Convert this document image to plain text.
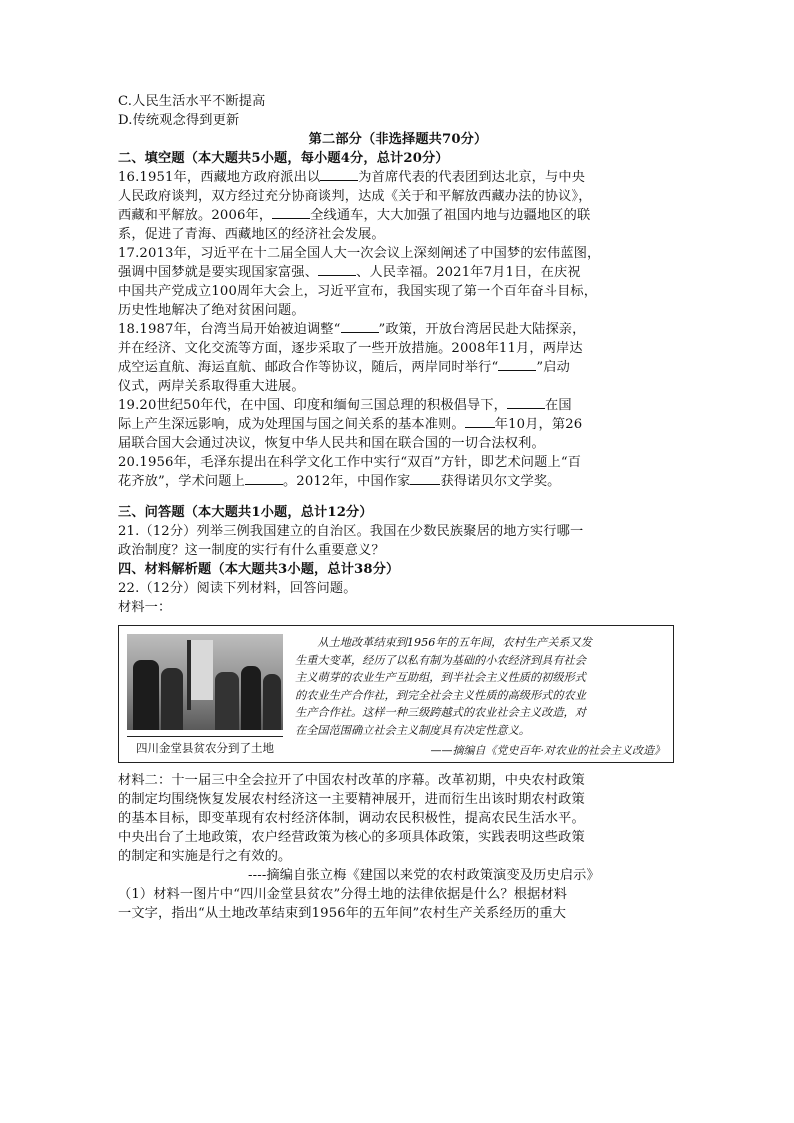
C.人民生活水平不断提高
D.传统观念得到更新
第二部分（非选择题共70分）
二、填空题（本大题共5小题，每小题4分，总计20分）
16.1951年，西藏地方政府派出以	为首席代表的代表团到达北京，与中央
人民政府谈判，双方经过充分协商谈判，达成《关于和平解放西藏办法的协议》，
西藏和平解放。2006年，	全线通车，大大加强了祖国内地与边疆地区的联
系，促进了青海、西藏地区的经济社会发展。
17.2013年，习近平在十二届全国人大一次会议上深刻阐述了中国梦的宏伟蓝图，
强调中国梦就是要实现国家富强、	、人民幸福。2021年7月1日，在庆祝
中国共产党成立100周年大会上，习近平宣布，我国实现了第一个百年奋斗目标，
历史性地解决了绝对贫困问题。
18.1987年，台湾当局开始被迫调整“	”政策，开放台湾居民赴大陆探亲，
并在经济、文化交流等方面，逐步采取了一些开放措施。2008年11月，两岸达
成空运直航、海运直航、邮政合作等协议，随后，两岸同时举行“	”启动
仪式，两岸关系取得重大进展。
19.20世纪50年代，在中国、印度和缅甸三国总理的积极倡导下，	在国
际上产生深远影响，成为处理国与国之间关系的基本准则。 年10月，第26
届联合国大会通过决议，恢复中华人民共和国在联合国的一切合法权利。
20.1956年，毛泽东提出在科学文化工作中实行“双百”方针，即艺术问题上“百
花齐放”，学术问题上	。2012年，中国作家 获得诺贝尔文学奖。
三、问答题（本大题共1小题，总计12分）
21.（12分）列举三例我国建立的自治区。我国在少数民族聚居的地方实行哪一
政治制度？这一制度的实行有什么重要意义？
四、材料解析题（本大题共3小题，总计38分）
22.（12分）阅读下列材料，回答问题。
材料一：
四川金堂县贫农分到了土地

从土地改革结束到1956年的五年间，农村生产关系又发

生重大变革，经历了以私有制为基础的小农经济到具有社会
主义萌芽的农业生产互助组，到半社会主义性质的初级形式
的农业生产合作社，到完全社会主义性质的高级形式的农业
生产合作社。这样一种三级跨越式的农业社会主义改造，对
在全国范围确立社会主义制度具有决定性意义。
——摘编自《党史百年·对农业的社会主义改造》
材料二：十一届三中全会拉开了中国农村改革的序幕。改革初期，中央农村政策
的制定均围绕恢复发展农村经济这一主要精神展开，进而衍生出该时期农村政策
的基本目标，即变革现有农村经济体制，调动农民积极性，提高农民生活水平。
中央出台了土地政策，农户经营政策为核心的多项具体政策，实践表明这些政策
的制定和实施是行之有效的。
----摘编自张立梅《建国以来党的农村政策演变及历史启示》
（1）材料一图片中“四川金堂县贫农”分得土地的法律依据是什么？根据材料
一文字，指出“从土地改革结束到1956年的五年间”农村生产关系经历的重大
